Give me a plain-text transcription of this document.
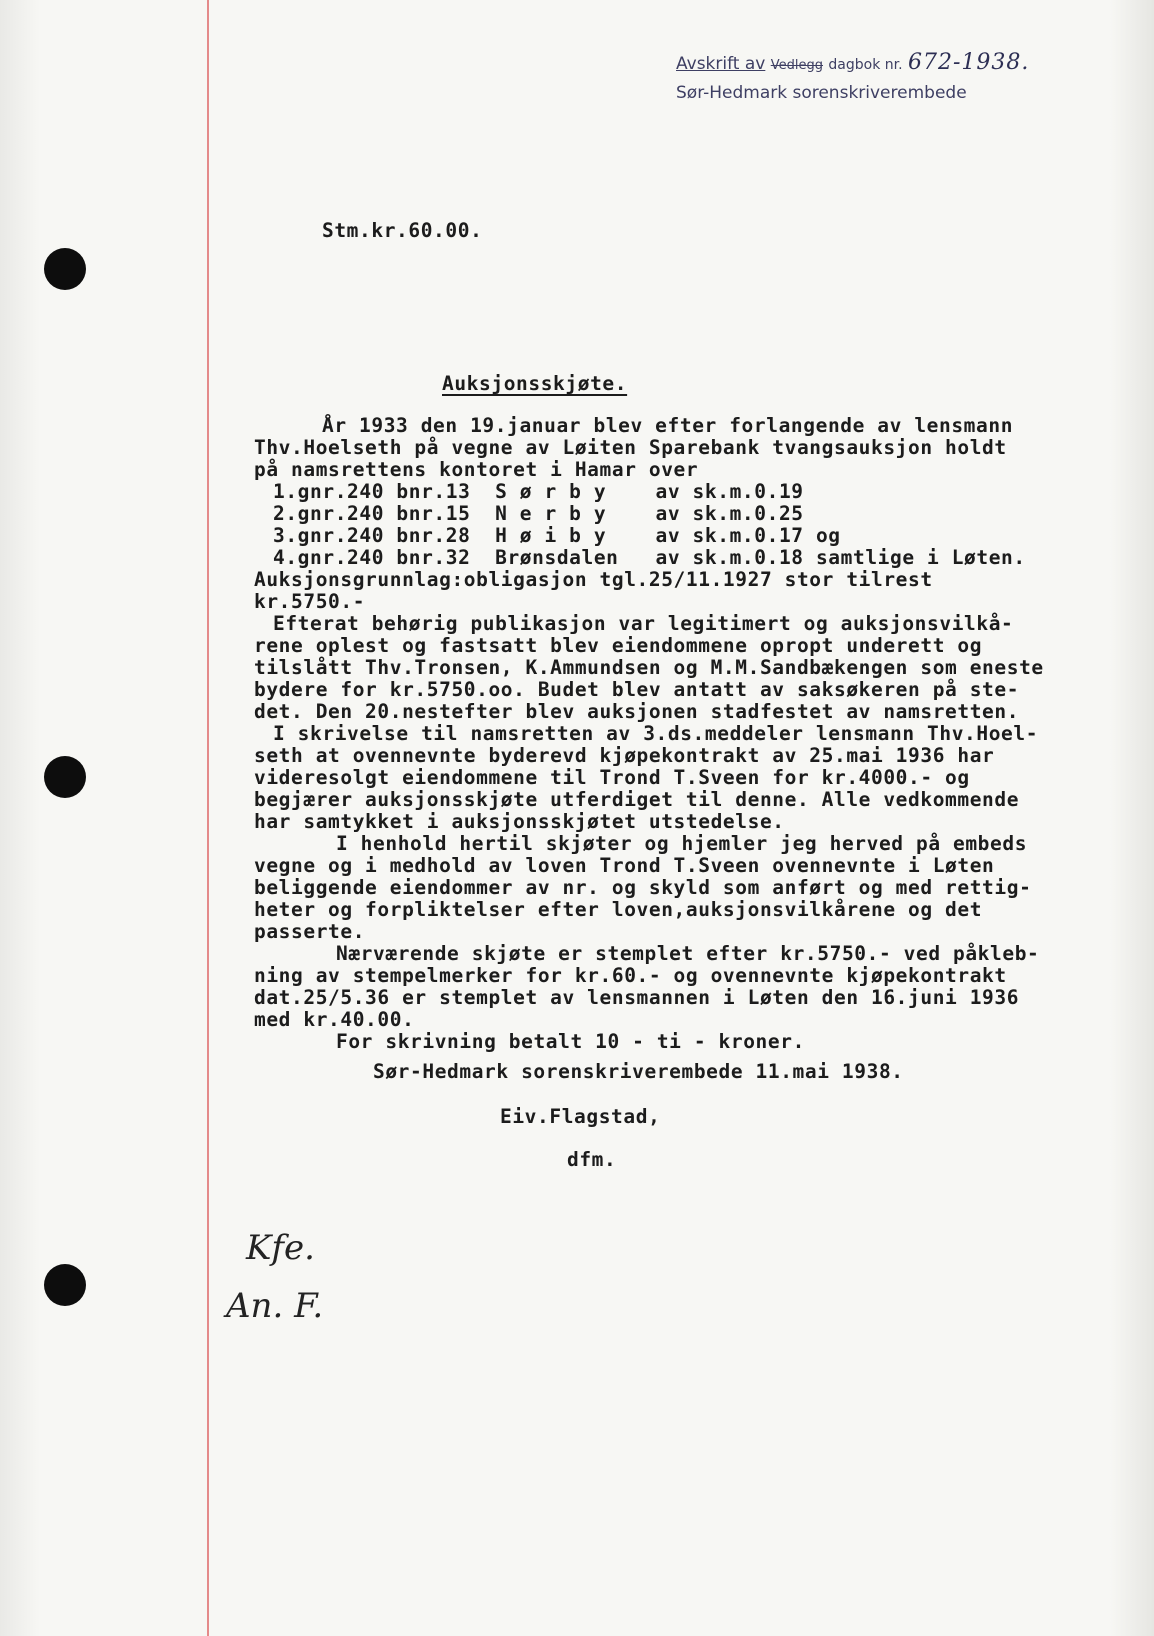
Avskrift av Vedlegg dagbok nr. 672-1938.
Sør-Hedmark sorenskriverembede
Stm.kr.60.00.
Auksjonsskjøte.
År 1933 den 19.januar blev efter forlangende av lensmann
Thv.Hoelseth på vegne av Løiten Sparebank tvangsauksjon holdt
på namsrettens kontoret i Hamar over
1.gnr.240 bnr.13  S ø r b y    av sk.m.0.19
2.gnr.240 bnr.15  N e r b y    av sk.m.0.25
3.gnr.240 bnr.28  H ø i b y    av sk.m.0.17 og
4.gnr.240 bnr.32  Brønsdalen   av sk.m.0.18 samtlige i Løten.
Auksjonsgrunnlag:obligasjon tgl.25/11.1927 stor tilrest
kr.5750.-
Efterat behørig publikasjon var legitimert og auksjonsvilkå-
rene oplest og fastsatt blev eiendommene opropt underett og
tilslått Thv.Tronsen, K.Ammundsen og M.M.Sandbækengen som eneste
bydere for kr.5750.oo. Budet blev antatt av saksøkeren på ste-
det. Den 20.nestefter blev auksjonen stadfestet av namsretten.
I skrivelse til namsretten av 3.ds.meddeler lensmann Thv.Hoel-
seth at ovennevnte byderevd kjøpekontrakt av 25.mai 1936 har
videresolgt eiendommene til Trond T.Sveen for kr.4000.- og
begjærer auksjonsskjøte utferdiget til denne. Alle vedkommende
har samtykket i auksjonsskjøtet utstedelse.
I henhold hertil skjøter og hjemler jeg herved på embeds
vegne og i medhold av loven Trond T.Sveen ovennevnte i Løten
beliggende eiendommer av nr. og skyld som anført og med rettig-
heter og forpliktelser efter loven,auksjonsvilkårene og det
passerte.
Nærværende skjøte er stemplet efter kr.5750.- ved påkleb-
ning av stempelmerker for kr.60.- og ovennevnte kjøpekontrakt
dat.25/5.36 er stemplet av lensmannen i Løten den 16.juni 1936
med kr.40.00.
For skrivning betalt 10 - ti - kroner.
Sør-Hedmark sorenskriverembede 11.mai 1938.
Eiv.Flagstad,
dfm.
Kfe.
An. F.
